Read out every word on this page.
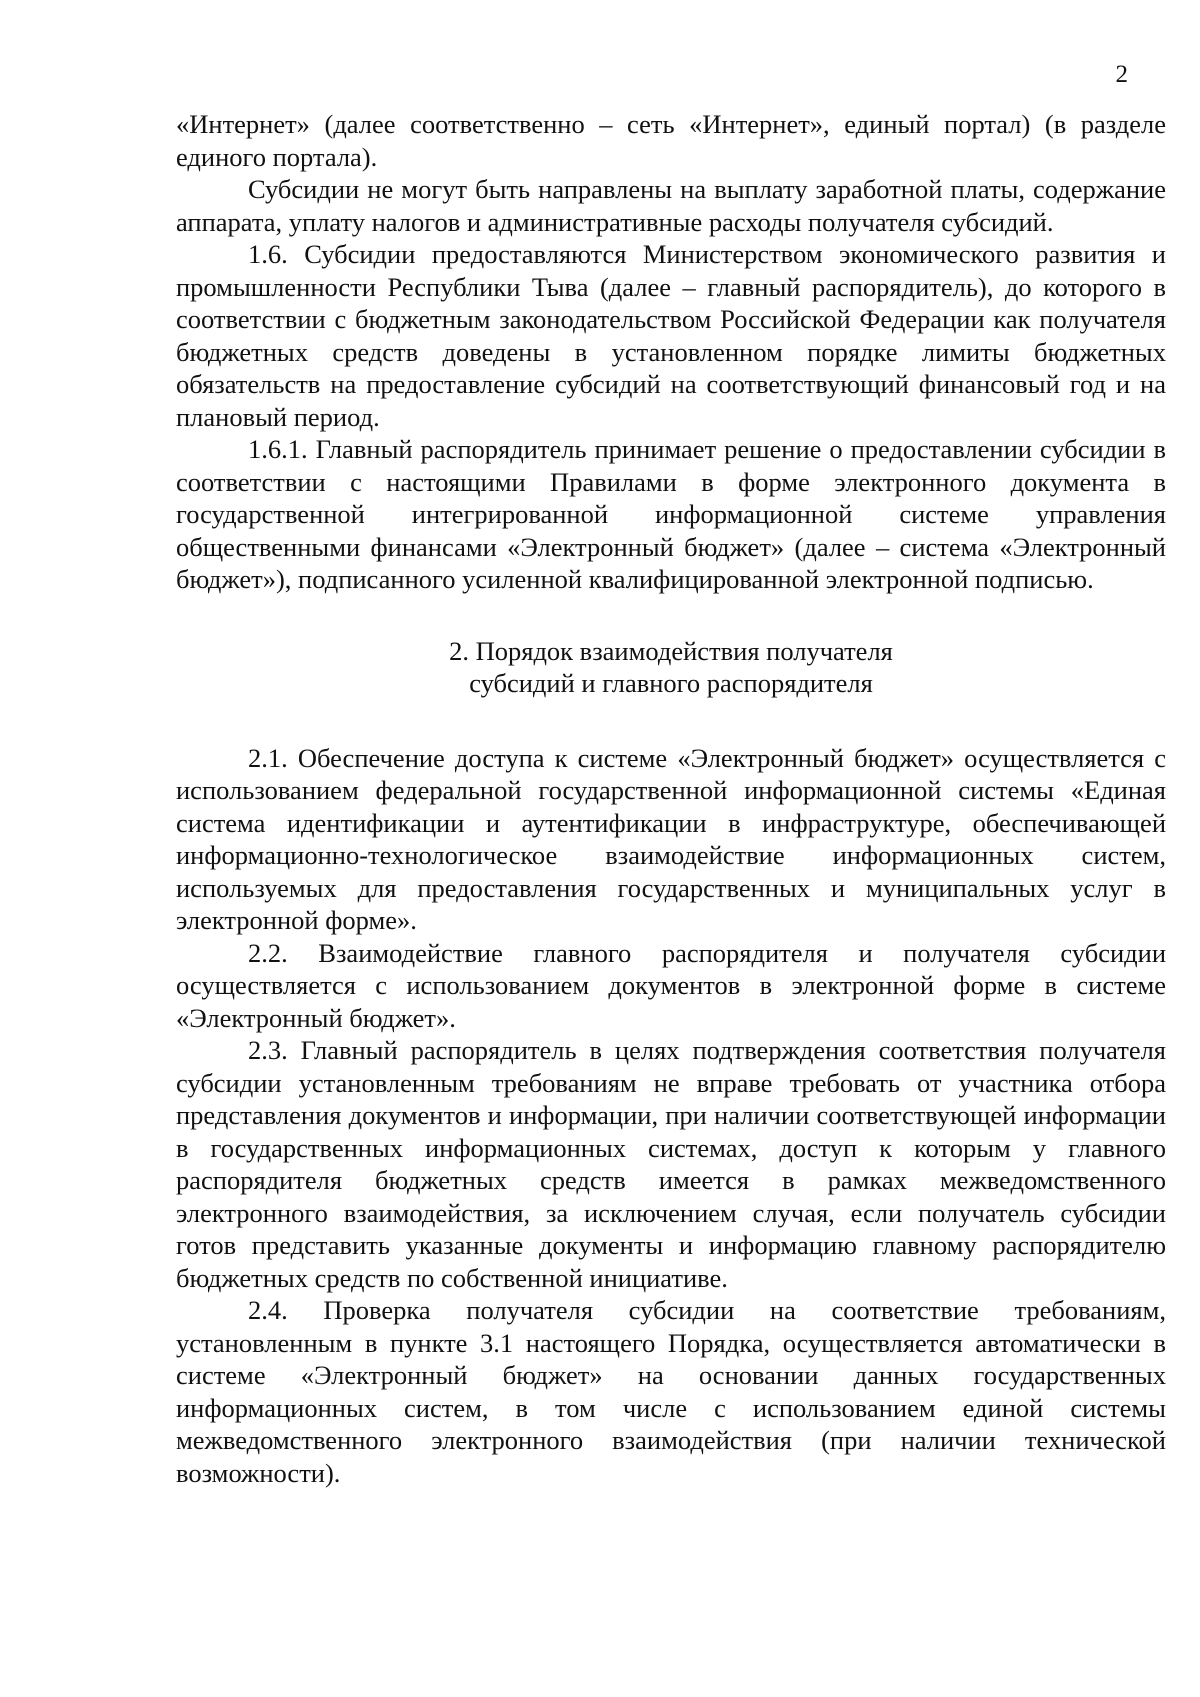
2

«Интернет» (далее соответственно – сеть «Интернет», единый портал) (в разделе единого портала).

Субсидии не могут быть направлены на выплату заработной платы, содержание аппарата, уплату налогов и административные расходы получателя субсидий.

1.6. Субсидии предоставляются Министерством экономического развития и промышленности Республики Тыва (далее – главный распорядитель), до которого в соответствии с бюджетным законодательством Российской Федерации как получателя бюджетных средств доведены в установленном порядке лимиты бюджетных обязательств на предоставление субсидий на соответствующий финансовый год и на плановый период.

1.6.1. Главный распорядитель принимает решение о предоставлении субсидии в соответствии с настоящими Правилами в форме электронного документа в государственной интегрированной информационной системе управления общественными финансами «Электронный бюджет» (далее – система «Электронный бюджет»), подписанного усиленной квалифицированной электронной подписью.

2. Порядок взаимодействия получателя
субсидий и главного распорядителя

2.1. Обеспечение доступа к системе «Электронный бюджет» осуществляется с использованием федеральной государственной информационной системы «Единая система идентификации и аутентификации в инфраструктуре, обеспечивающей информационно-технологическое взаимодействие информационных систем, используемых для предоставления государственных и муниципальных услуг в электронной форме».

2.2. Взаимодействие главного распорядителя и получателя субсидии осуществляется с использованием документов в электронной форме в системе «Электронный бюджет».

2.3. Главный распорядитель в целях подтверждения соответствия получателя субсидии установленным требованиям не вправе требовать от участника отбора представления документов и информации, при наличии соответствующей информации в государственных информационных системах, доступ к которым у главного распорядителя бюджетных средств имеется в рамках межведомственного электронного взаимодействия, за исключением случая, если получатель субсидии готов представить указанные документы и информацию главному распорядителю бюджетных средств по собственной инициативе.

2.4. Проверка получателя субсидии на соответствие требованиям, установленным в пункте 3.1 настоящего Порядка, осуществляется автоматически в системе «Электронный бюджет» на основании данных государственных информационных систем, в том числе с использованием единой системы межведомственного электронного взаимодействия (при наличии технической возможности).
